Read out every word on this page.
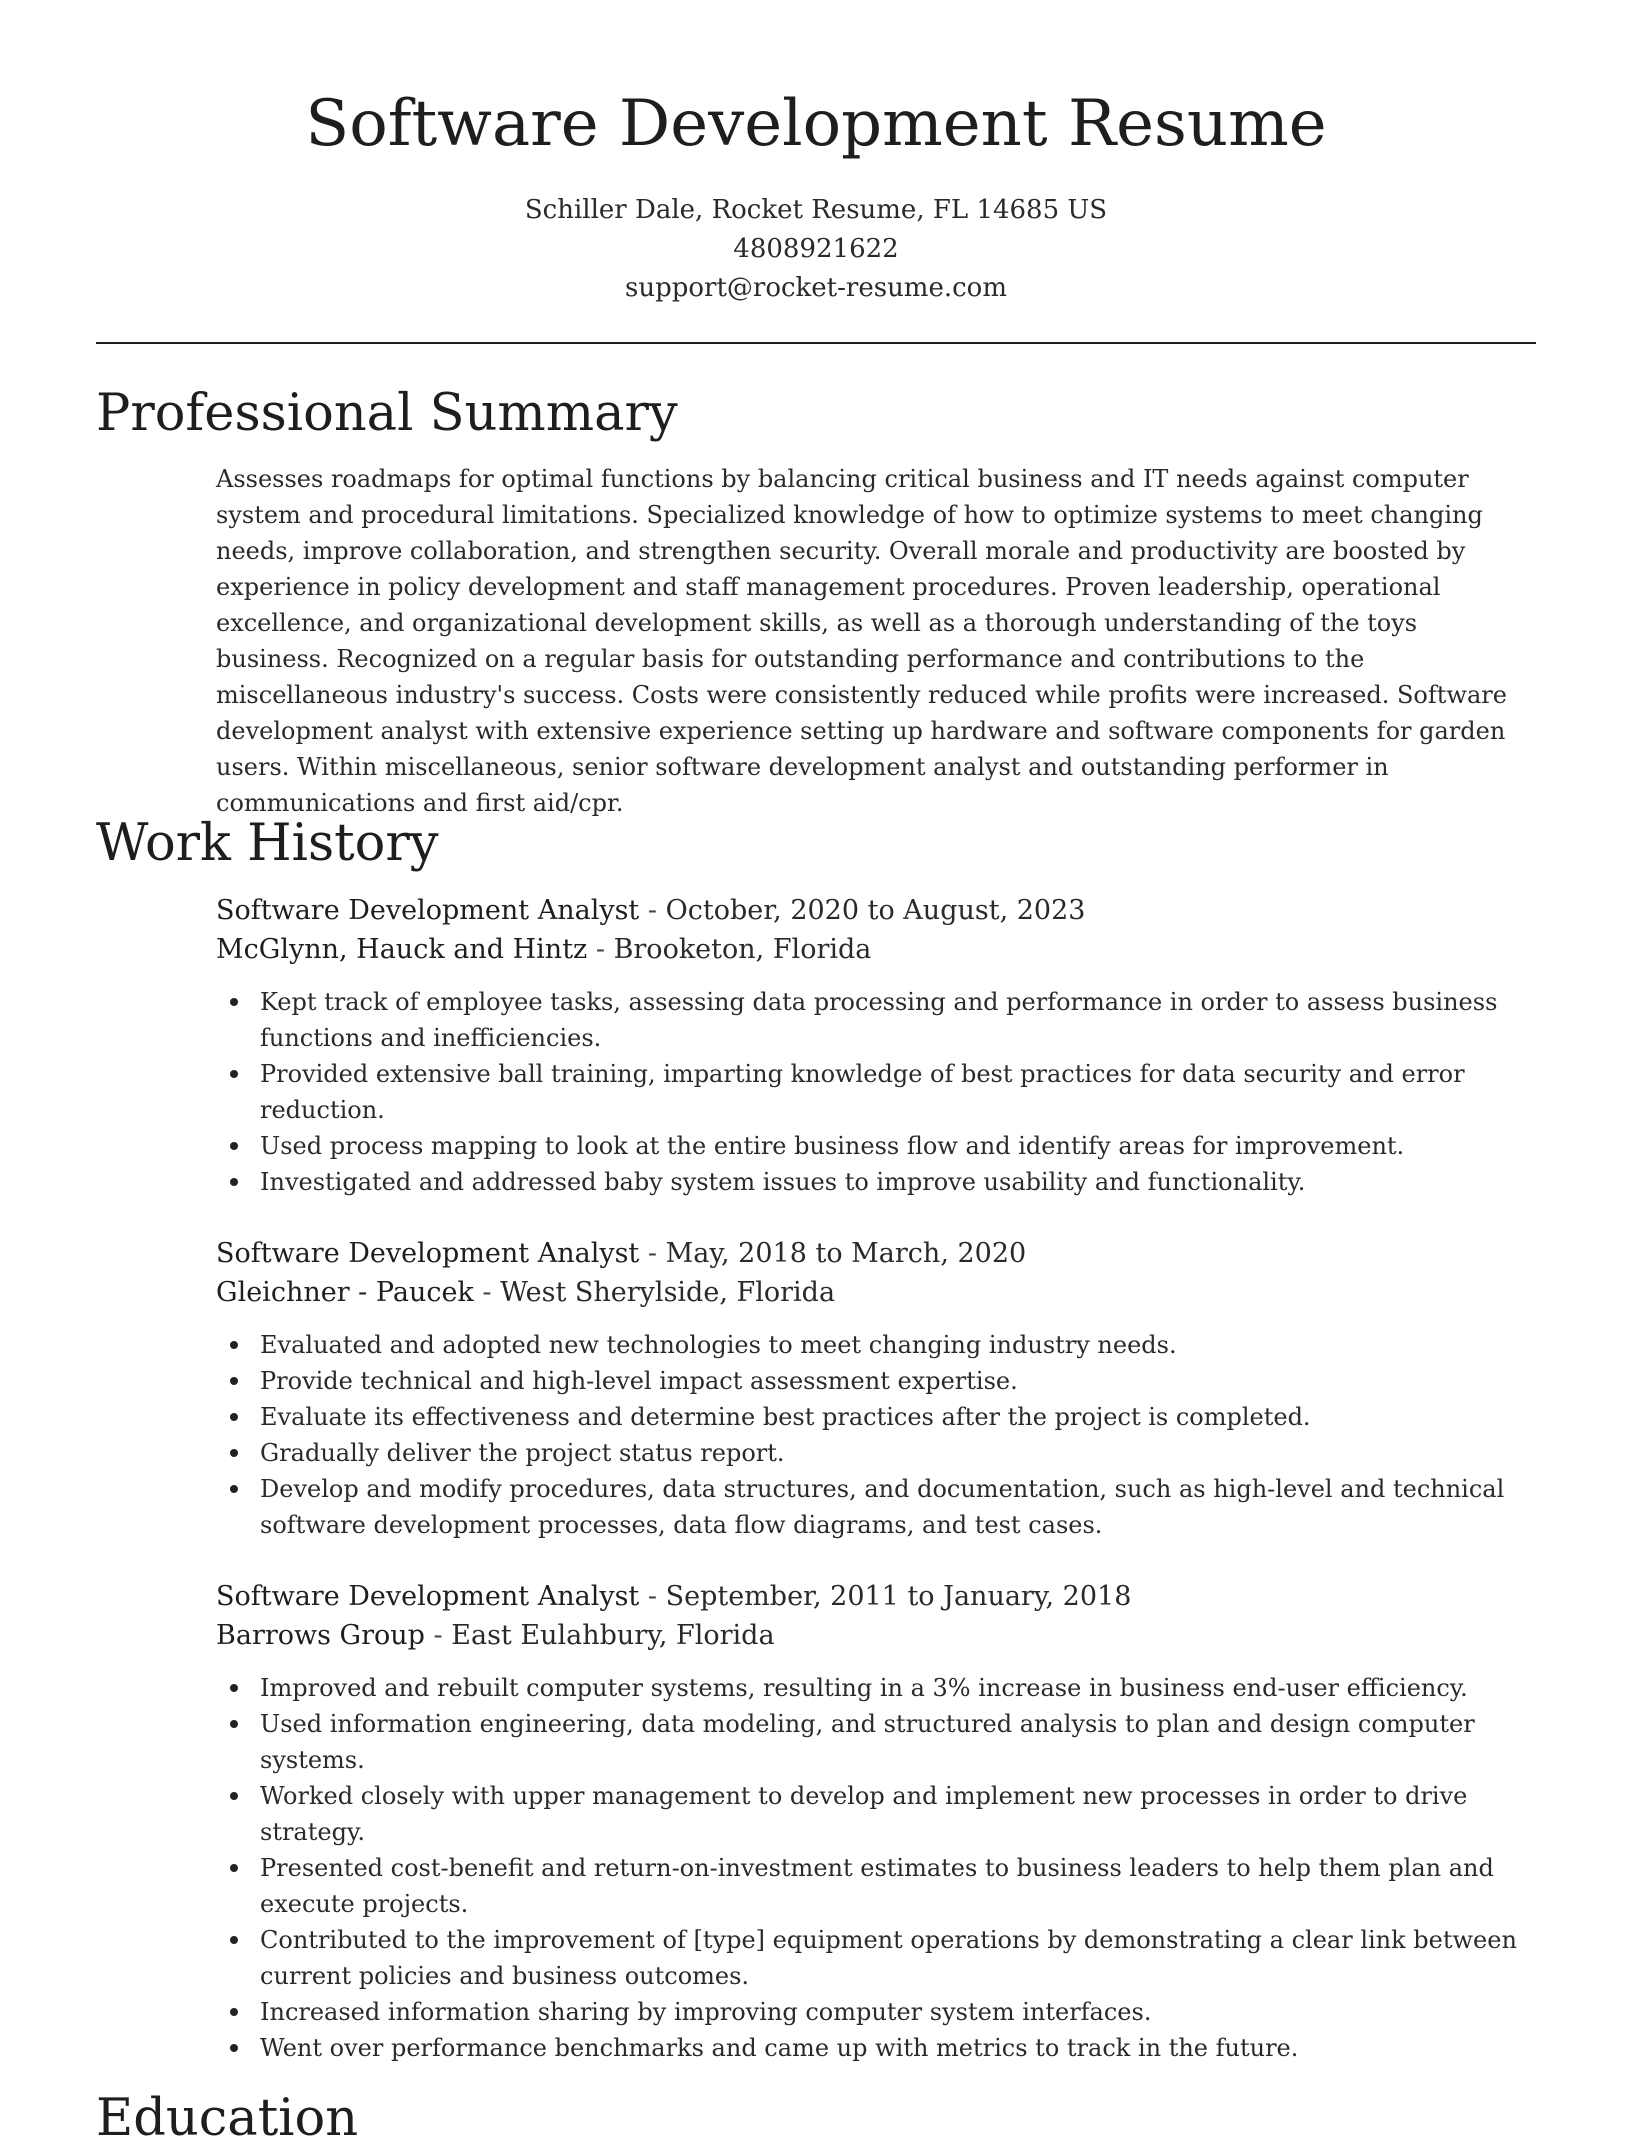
Software Development Resume
Schiller Dale, Rocket Resume, FL 14685 US
4808921622
support@rocket-resume.com
Professional Summary

Assesses roadmaps for optimal functions by balancing critical business and IT needs against computer system and procedural limitations. Specialized knowledge of how to optimize systems to meet changing needs, improve collaboration, and strengthen security. Overall morale and productivity are boosted by experience in policy development and staff management procedures. Proven leadership, operational excellence, and organizational development skills, as well as a thorough understanding of the toys business. Recognized on a regular basis for outstanding performance and contributions to the miscellaneous industry's success. Costs were consistently reduced while profits were increased. Software development analyst with extensive experience setting up hardware and software components for garden users. Within miscellaneous, senior software development analyst and outstanding performer in communications and first aid/cpr.

Work History

Software Development Analyst - October, 2020 to August, 2023

McGlynn, Hauck and Hintz - Brooketon, Florida

Kept track of employee tasks, assessing data processing and performance in order to assess business functions and inefficiencies.
Provided extensive ball training, imparting knowledge of best practices for data security and error reduction.
Used process mapping to look at the entire business flow and identify areas for improvement.
Investigated and addressed baby system issues to improve usability and functionality.

Software Development Analyst - May, 2018 to March, 2020

Gleichner - Paucek - West Sherylside, Florida

Evaluated and adopted new technologies to meet changing industry needs.
Provide technical and high-level impact assessment expertise.
Evaluate its effectiveness and determine best practices after the project is completed.
Gradually deliver the project status report.
Develop and modify procedures, data structures, and documentation, such as high-level and technical software development processes, data flow diagrams, and test cases.

Software Development Analyst - September, 2011 to January, 2018

Barrows Group - East Eulahbury, Florida

Improved and rebuilt computer systems, resulting in a 3% increase in business end-user efficiency.
Used information engineering, data modeling, and structured analysis to plan and design computer systems.
Worked closely with upper management to develop and implement new processes in order to drive strategy.
Presented cost-benefit and return-on-investment estimates to business leaders to help them plan and execute projects.
Contributed to the improvement of [type] equipment operations by demonstrating a clear link between current policies and business outcomes.
Increased information sharing by improving computer system interfaces.
Went over performance benchmarks and came up with metrics to track in the future.
Education
